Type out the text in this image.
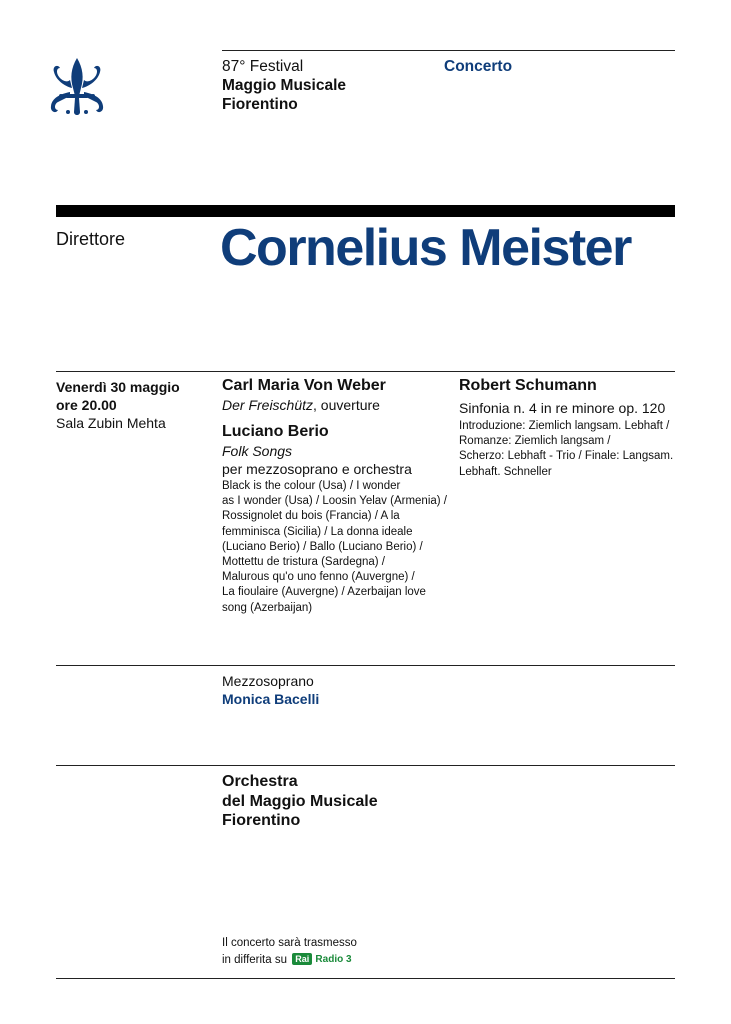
87° Festival
Maggio Musicale
Fiorentino
Concerto
Direttore Cornelius Meister
Venerdì 30 maggio
ore 20.00
Sala Zubin Mehta
Carl Maria Von Weber
Der Freischütz, ouverture
Luciano Berio
Folk Songs
per mezzosoprano e orchestra
Black is the colour (Usa) / I wonder
as I wonder (Usa) / Loosin Yelav (Armenia) /
Rossignolet du bois (Francia) / A la
femminisca (Sicilia) / La donna ideale
(Luciano Berio) / Ballo (Luciano Berio) /
Mottettu de tristura (Sardegna) /
Malurous qu'o uno fenno (Auvergne) /
La fioulaire (Auvergne) / Azerbaijan love
song (Azerbaijan)
Robert Schumann
Sinfonia n. 4 in re minore op. 120
Introduzione: Ziemlich langsam. Lebhaft /
Romanze: Ziemlich langsam /
Scherzo: Lebhaft - Trio / Finale: Langsam.
Lebhaft. Schneller
Mezzosoprano
Monica Bacelli
Orchestra
del Maggio Musicale
Fiorentino
Il concerto sarà trasmesso
in differita su Rai Radio 3
